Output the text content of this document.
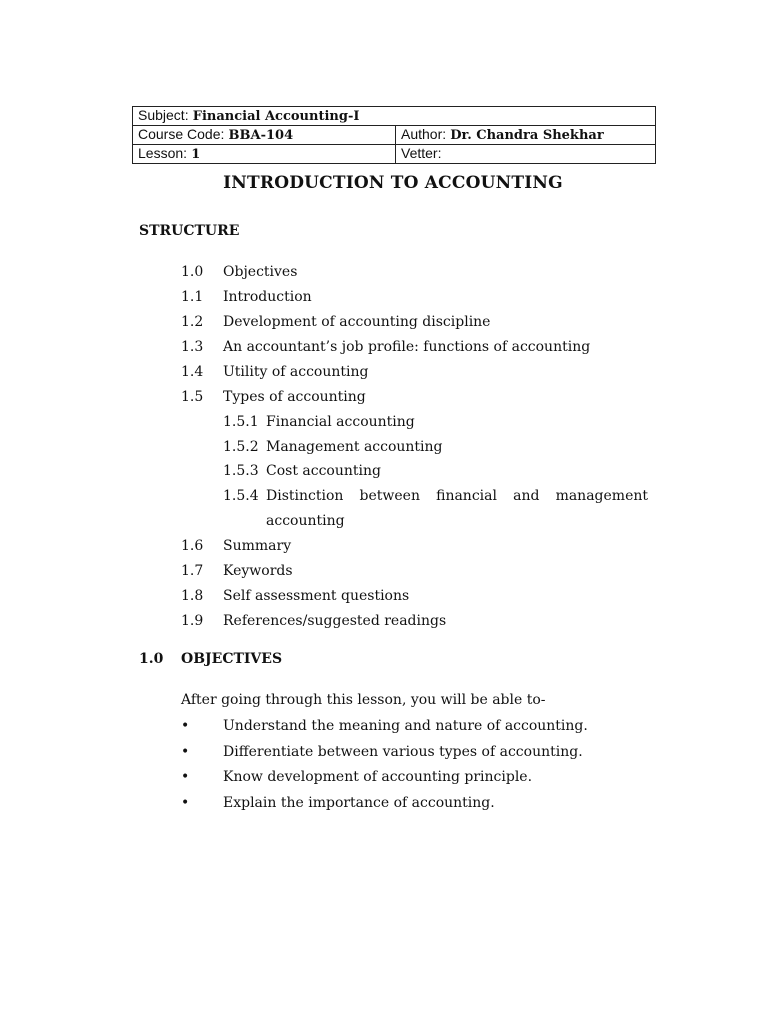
Subject: Financial Accounting-I	
Course Code: BBA-104	Author: Dr. Chandra Shekhar
Lesson: 1	Vetter:
INTRODUCTION TO ACCOUNTING
STRUCTURE
1.0 Objectives
1.1 Introduction
1.2 Development of accounting discipline
1.3 An accountant’s job profile: functions of accounting
1.4 Utility of accounting
1.5 Types of accounting
1.5.1 Financial accounting
1.5.2 Management accounting
1.5.3 Cost accounting
1.5.4 Distinction between financial and management
accounting
1.6 Summary
1.7 Keywords
1.8 Self assessment questions
1.9 References/suggested readings
1.0 OBJECTIVES
After going through this lesson, you will be able to-
• Understand the meaning and nature of accounting.
• Differentiate between various types of accounting.
• Know development of accounting principle.
• Explain the importance of accounting.
